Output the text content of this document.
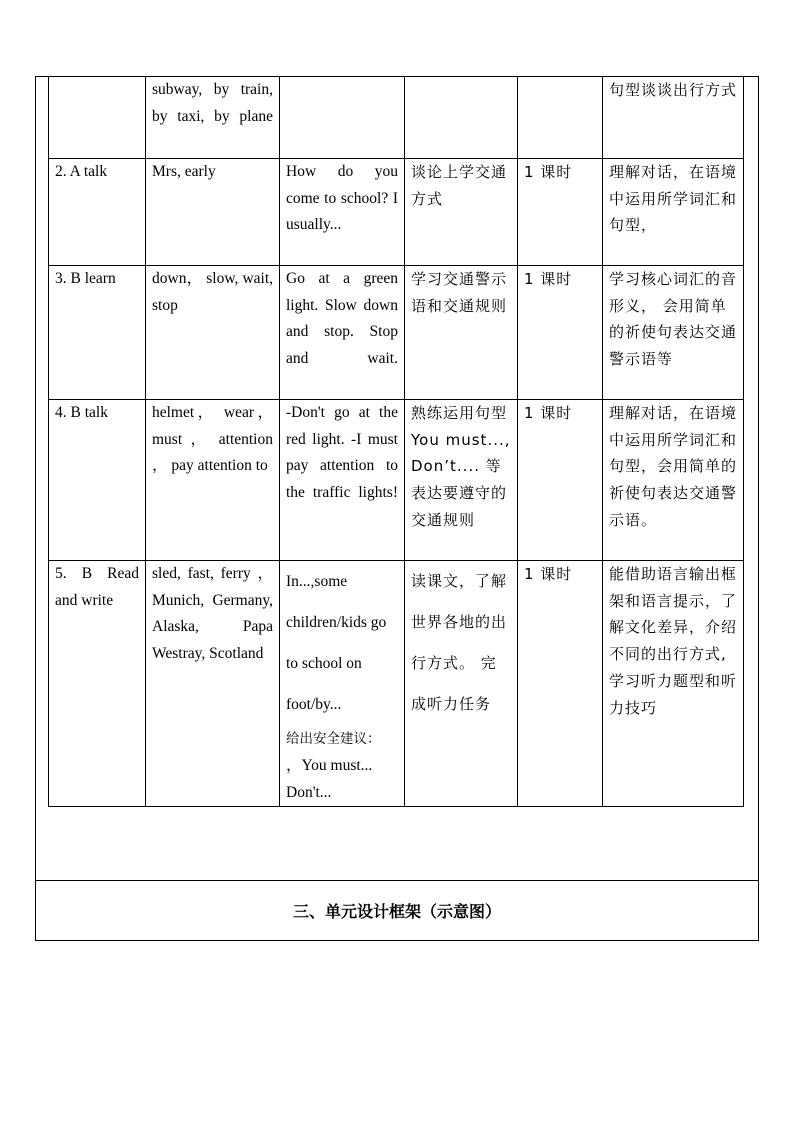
	subway, by train, by taxi, by plane				句型谈谈出行方式
2. A talk	Mrs, early	How do you come to school? I usually...	谈论上学交通方式	1 课时	理解对话，在语境中运用所学词汇和句型，
3. B learn	down， slow, wait, stop	Go at a green light. Slow down and stop. Stop and wait.	学习交通警示语和交通规则	1 课时	学习核心词汇的音形义， 会用简单的祈使句表达交通警示语等
4. B talk	helmet， wear，must ， attention ， pay attention to	-Don't go at the red light. -I must pay attention to the traffic lights!	熟练运用句型 You must..., Don’t.... 等表达要遵守的交通规则	1 课时	理解对话，在语境中运用所学词汇和句型，会用简单的祈使句表达交通警示语。
5. B Read and write	sled, fast, ferry ， Munich, Germany, Alaska, Papa Westray, Scotland	In...,some children/kids go to school on foot/by...
给出安全建议：
，You must... Don't...	读课文，了解世界各地的出行方式。 完成听力任务	1 课时	能借助语言输出框架和语言提示，了解文化差异，介绍不同的出行方式,学习听力题型和听力技巧
三、单元设计框架（示意图）
